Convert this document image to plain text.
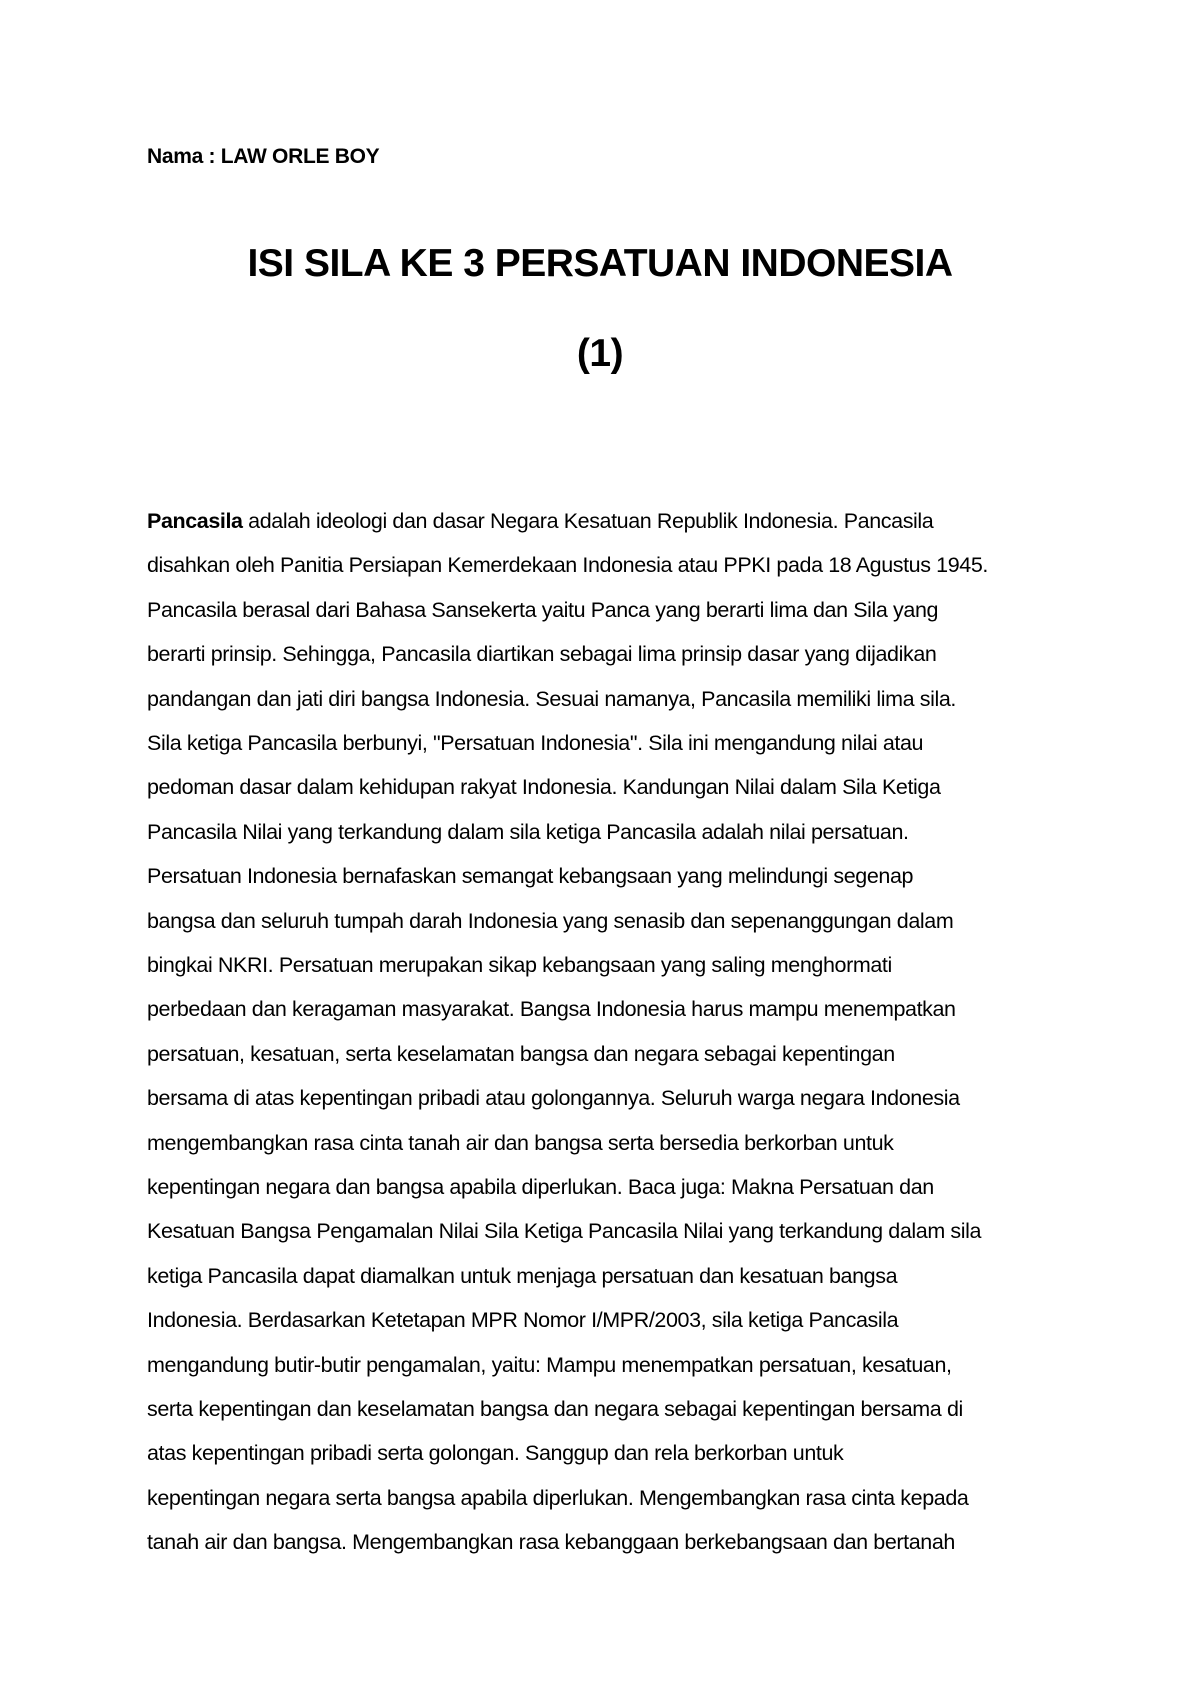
Nama : LAW ORLE BOY
ISI SILA KE 3 PERSATUAN INDONESIA
(1)
Pancasila adalah ideologi dan dasar Negara Kesatuan Republik Indonesia. Pancasila
disahkan oleh Panitia Persiapan Kemerdekaan Indonesia atau PPKI pada 18 Agustus 1945.
Pancasila berasal dari Bahasa Sansekerta yaitu Panca yang berarti lima dan Sila yang
berarti prinsip. Sehingga, Pancasila diartikan sebagai lima prinsip dasar yang dijadikan
pandangan dan jati diri bangsa Indonesia. Sesuai namanya, Pancasila memiliki lima sila.
Sila ketiga Pancasila berbunyi, "Persatuan Indonesia". Sila ini mengandung nilai atau
pedoman dasar dalam kehidupan rakyat Indonesia. Kandungan Nilai dalam Sila Ketiga
Pancasila Nilai yang terkandung dalam sila ketiga Pancasila adalah nilai persatuan.
Persatuan Indonesia bernafaskan semangat kebangsaan yang melindungi segenap
bangsa dan seluruh tumpah darah Indonesia yang senasib dan sepenanggungan dalam
bingkai NKRI. Persatuan merupakan sikap kebangsaan yang saling menghormati
perbedaan dan keragaman masyarakat. Bangsa Indonesia harus mampu menempatkan
persatuan, kesatuan, serta keselamatan bangsa dan negara sebagai kepentingan
bersama di atas kepentingan pribadi atau golongannya. Seluruh warga negara Indonesia
mengembangkan rasa cinta tanah air dan bangsa serta bersedia berkorban untuk
kepentingan negara dan bangsa apabila diperlukan. Baca juga: Makna Persatuan dan
Kesatuan Bangsa Pengamalan Nilai Sila Ketiga Pancasila Nilai yang terkandung dalam sila
ketiga Pancasila dapat diamalkan untuk menjaga persatuan dan kesatuan bangsa
Indonesia. Berdasarkan Ketetapan MPR Nomor I/MPR/2003, sila ketiga Pancasila
mengandung butir-butir pengamalan, yaitu: Mampu menempatkan persatuan, kesatuan,
serta kepentingan dan keselamatan bangsa dan negara sebagai kepentingan bersama di
atas kepentingan pribadi serta golongan. Sanggup dan rela berkorban untuk
kepentingan negara serta bangsa apabila diperlukan. Mengembangkan rasa cinta kepada
tanah air dan bangsa. Mengembangkan rasa kebanggaan berkebangsaan dan bertanah
